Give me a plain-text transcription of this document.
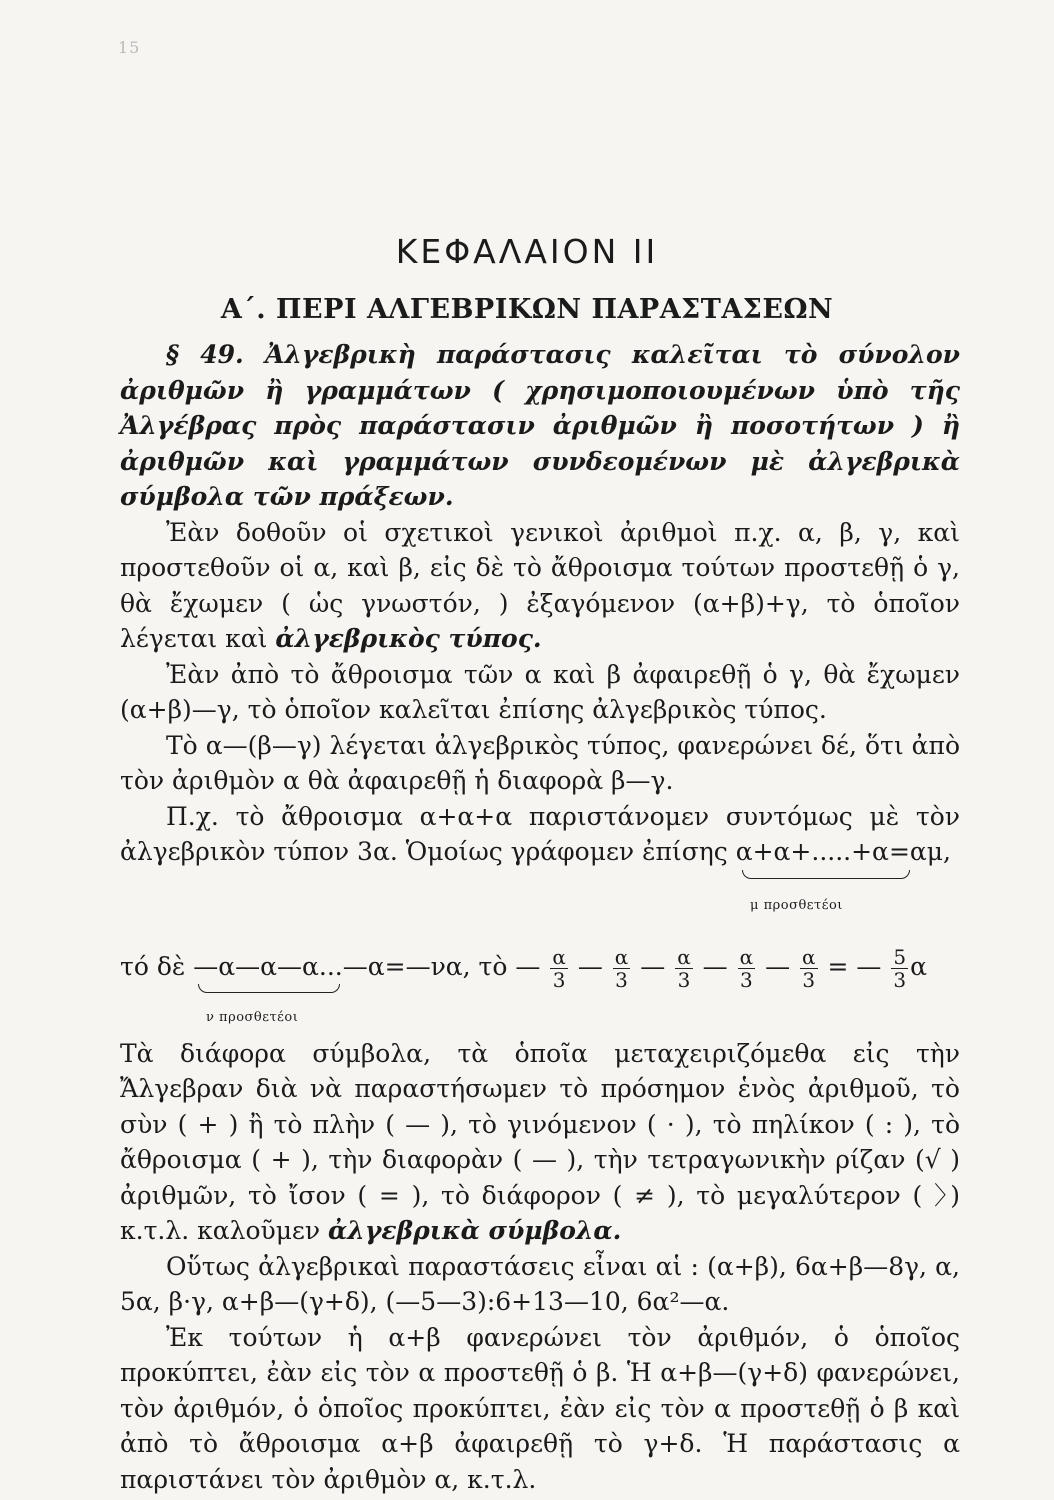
15
ΚΕΦΑΛΑΙΟΝ ΙΙ
Α΄. ΠΕΡΙ ΑΛΓΕΒΡΙΚΩΝ ΠΑΡΑΣΤΑΣΕΩΝ

§ 49. Ἀλγεβρικὴ παράστασις καλεῖται τὸ σύνολον ἀριθμῶν ἢ γραμμάτων ( χρησιμοποιουμένων ὑπὸ τῆς Ἀλγέβρας πρὸς παράστασιν ἀριθμῶν ἢ ποσοτήτων ) ἢ ἀριθμῶν καὶ γραμμάτων συνδεομένων μὲ ἀλγεβρικὰ σύμβολα τῶν πράξεων.

Ἐὰν δοθοῦν οἱ σχετικοὶ γενικοὶ ἀριθμοὶ π.χ. α, β, γ, καὶ προστεθοῦν οἱ α, καὶ β, εἰς δὲ τὸ ἄθροισμα τούτων προστεθῇ ὁ γ, θὰ ἔχωμεν ( ὡς γνωστόν, ) ἐξαγόμενον (α+β)+γ, τὸ ὁποῖον λέγεται καὶ ἀλγεβρικὸς τύπος.

Ἐὰν ἀπὸ τὸ ἄθροισμα τῶν α καὶ β ἀφαιρεθῇ ὁ γ, θὰ ἔχωμεν (α+β)—γ, τὸ ὁποῖον καλεῖται ἐπίσης ἀλγεβρικὸς τύπος.

Τὸ α—(β—γ) λέγεται ἀλγεβρικὸς τύπος, φανερώνει δέ, ὅτι ἀπὸ τὸν ἀριθμὸν α θὰ ἀφαιρεθῇ ἡ διαφορὰ β—γ.

Π.χ. τὸ ἄθροισμα α+α+α παριστάνομεν συντόμως μὲ τὸν ἀλγεβρικὸν τύπον 3α. Ὁμοίως γράφομεν ἐπίσης α+α+.....+α=αμ,

μ προσθετέοι
τό δὲ —α—α—α...—α=—να, τὸ — $\frac{\alpha}{3}$ — $\frac{\alpha}{3}$ — $\frac{\alpha}{3}$ — $\frac{\alpha}{3}$ — $\frac{\alpha}{3}$ = — $\frac{5}{3}$ α
ν προσθετέοι

Τὰ διάφορα σύμβολα, τὰ ὁποῖα μεταχειριζόμεθα εἰς τὴν Ἄλγεβραν διὰ νὰ παραστήσωμεν τὸ πρόσημον ἑνὸς ἀριθμοῦ, τὸ σὺν ( + ) ἢ τὸ πλὴν ( — ), τὸ γινόμενον ( · ), τὸ πηλίκον ( : ), τὸ ἄθροισμα ( + ), τὴν διαφορὰν ( — ), τὴν τετραγωνικὴν ρίζαν (√ ) ἀριθμῶν, τὸ ἴσον ( = ), τὸ διάφορον ( ≠ ), τὸ μεγαλύτερον ( 〉) κ.τ.λ. καλοῦμεν ἀλγεβρικὰ σύμβολα.

Οὕτως ἀλγεβρικαὶ παραστάσεις εἶναι αἱ : (α+β), 6α+β—8γ, α, 5α, β·γ, α+β—(γ+δ), (—5—3):6+13—10, 6α²—α.

Ἐκ τούτων ἡ α+β φανερώνει τὸν ἀριθμόν, ὁ ὁποῖος προκύπτει, ἐὰν εἰς τὸν α προστεθῇ ὁ β. Ἡ α+β—(γ+δ) φανερώνει, τὸν ἀριθμόν, ὁ ὁποῖος προκύπτει, ἐὰν εἰς τὸν α προστεθῇ ὁ β καὶ ἀπὸ τὸ ἄθροισμα α+β ἀφαιρεθῇ τὸ γ+δ. Ἡ παράστασις α παριστάνει τὸν ἀριθμὸν α, κ.τ.λ.
